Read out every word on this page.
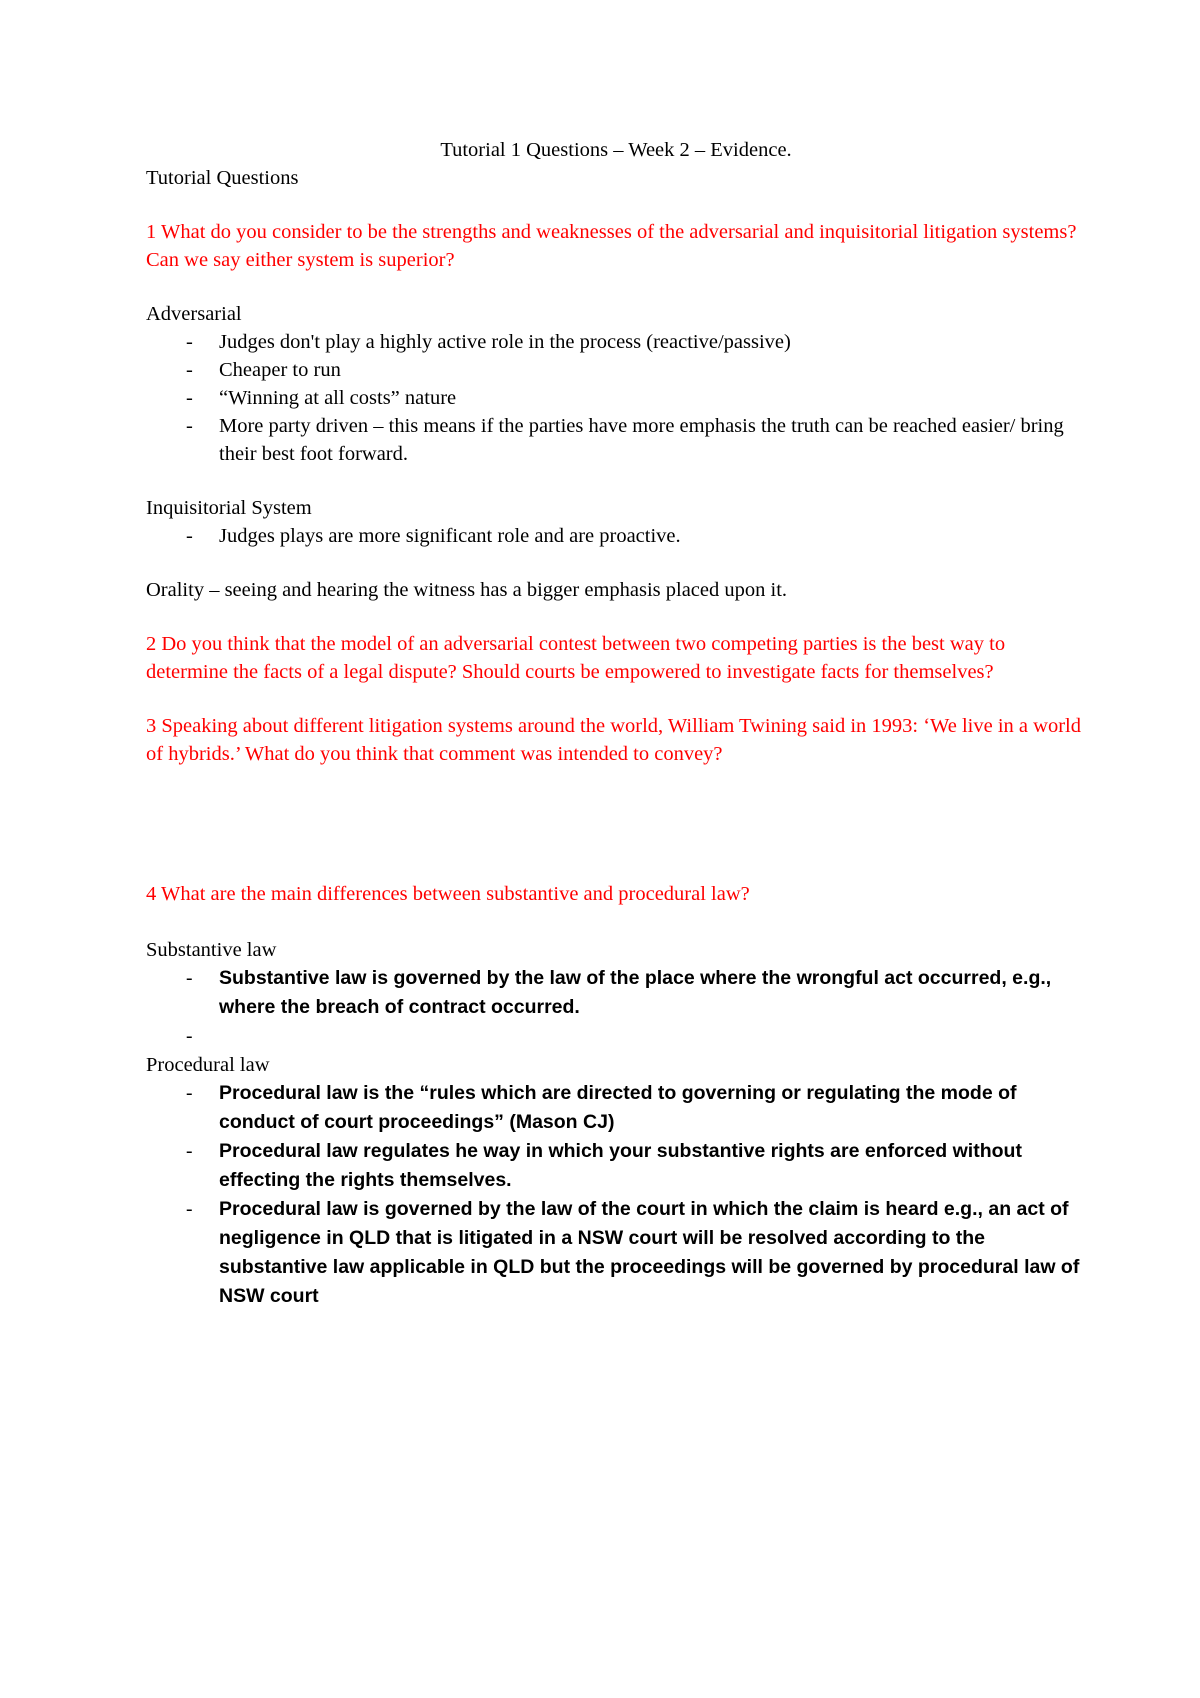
Tutorial 1 Questions – Week 2 – Evidence.

Tutorial Questions

1 What do you consider to be the strengths and weaknesses of the adversarial and inquisitorial litigation systems? Can we say either system is superior?

Adversarial

- Judges don't play a highly active role in the process (reactive/passive)
- Cheaper to run
- “Winning at all costs” nature
- More party driven – this means if the parties have more emphasis the truth can be reached easier/ bring their best foot forward.

Inquisitorial System

- Judges plays are more significant role and are proactive.

Orality – seeing and hearing the witness has a bigger emphasis placed upon it.

2 Do you think that the model of an adversarial contest between two competing parties is the best way to determine the facts of a legal dispute? Should courts be empowered to investigate facts for themselves?

3 Speaking about different litigation systems around the world, William Twining said in 1993: ‘We live in a world of hybrids.’ What do you think that comment was intended to convey?

4 What are the main differences between substantive and procedural law?

Substantive law

- Substantive law is governed by the law of the place where the wrongful act occurred, e.g., where the breach of contract occurred.
-

Procedural law

- Procedural law is the “rules which are directed to governing or regulating the mode of conduct of court proceedings” (Mason CJ)
- Procedural law regulates he way in which your substantive rights are enforced without effecting the rights themselves.
- Procedural law is governed by the law of the court in which the claim is heard e.g., an act of negligence in QLD that is litigated in a NSW court will be resolved according to the substantive law applicable in QLD but the proceedings will be governed by procedural law of NSW court
